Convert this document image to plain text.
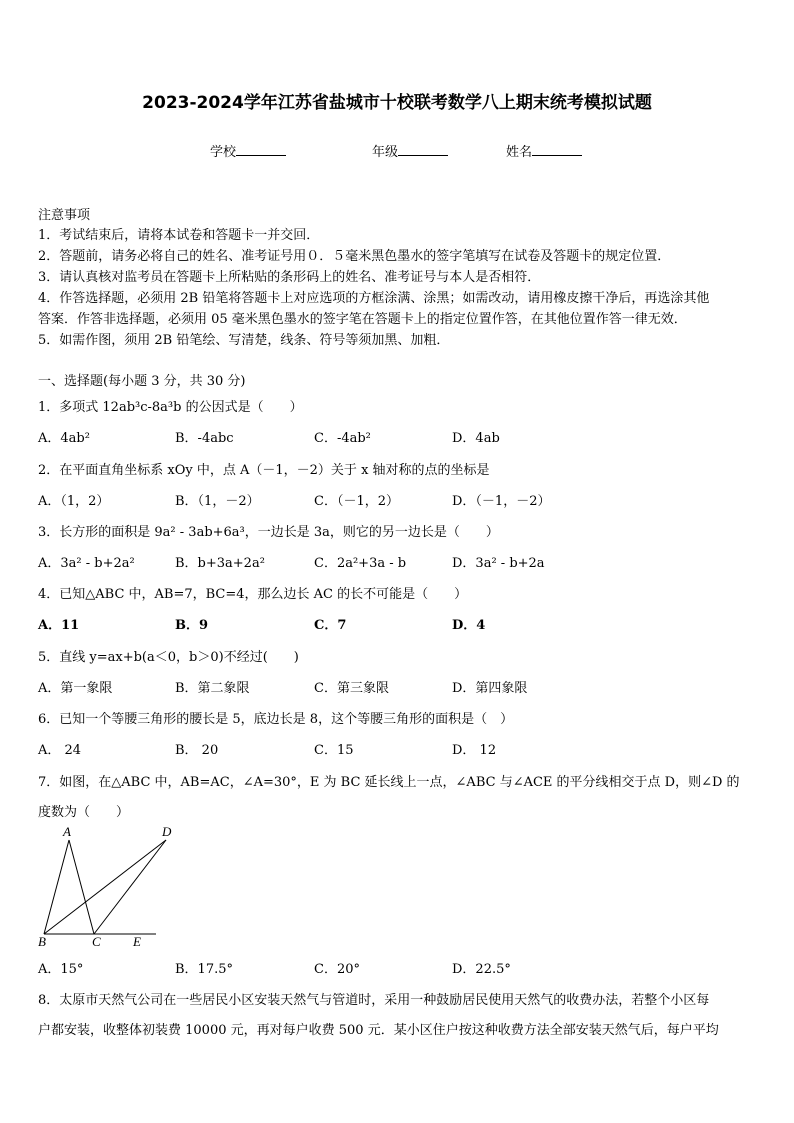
2023-2024学年江苏省盐城市十校联考数学八上期末统考模拟试题
学校	年级	姓名
注意事项
1．考试结束后，请将本试卷和答题卡一并交回．
2．答题前，请务必将自己的姓名、准考证号用０．５毫米黑色墨水的签字笔填写在试卷及答题卡的规定位置．
3．请认真核对监考员在答题卡上所粘贴的条形码上的姓名、准考证号与本人是否相符．
4．作答选择题，必须用 2B 铅笔将答题卡上对应选项的方框涂满、涂黑；如需改动，请用橡皮擦干净后，再选涂其他
答案．作答非选择题，必须用 05 毫米黑色墨水的签字笔在答题卡上的指定位置作答，在其他位置作答一律无效．
5．如需作图，须用 2B 铅笔绘、写清楚，线条、符号等须加黑、加粗．
一、选择题(每小题 3 分，共 30 分)
1．多项式 12ab³c-8a³b 的公因式是（　　）
A．4ab²	B．-4abc	C．-4ab²	D．4ab
2．在平面直角坐标系 xOy 中，点 A（－1，－2）关于 x 轴对称的点的坐标是
A．（1，2）	B．（1，－2）	C．（－1，2）	D．（－1，－2）
3．长方形的面积是 9a² - 3ab+6a³，一边长是 3a，则它的另一边长是（　　）
A．3a² - b+2a²	B．b+3a+2a²	C．2a²+3a - b	D．3a² - b+2a
4．已知△ABC 中，AB=7，BC=4，那么边长 AC 的长不可能是（　　）
A．11	B．9	C．7	D．4
5．直线 y=ax+b(a＜0，b＞0)不经过(　　)
A．第一象限	B．第二象限	C．第三象限	D．第四象限
6．已知一个等腰三角形的腰长是 5，底边长是 8，这个等腰三角形的面积是（　）
A． 24	B． 20	C．15	D． 12
7．如图，在△ABC 中，AB=AC，∠A=30°，E 为 BC 延长线上一点，∠ABC 与∠ACE 的平分线相交于点 D，则∠D 的
度数为（　　）
A	D
B	C E
A．15°	B．17.5°	C．20°	D．22.5°
8．太原市天然气公司在一些居民小区安装天然气与管道时，采用一种鼓励居民使用天然气的收费办法，若整个小区每
户都安装，收整体初装费 10000 元，再对每户收费 500 元．某小区住户按这种收费方法全部安装天然气后，每户平均
